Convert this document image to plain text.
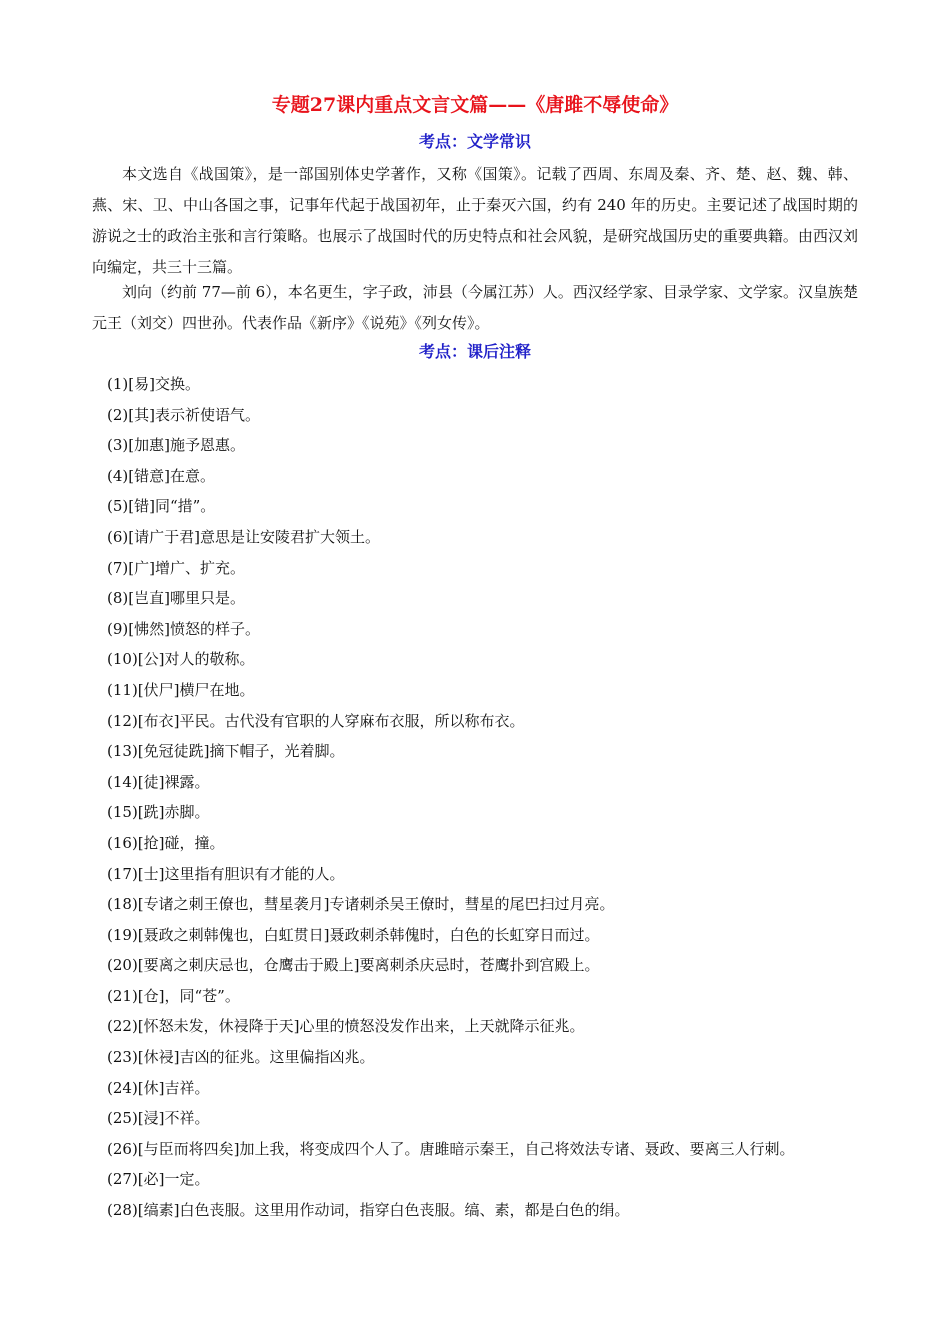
专题27课内重点文言文篇——《唐雎不辱使命》
考点：文学常识

本文选自《战国策》，是一部国别体史学著作，又称《国策》。记载了西周、东周及秦、齐、楚、赵、魏、韩、燕、宋、卫、中山各国之事，记事年代起于战国初年，止于秦灭六国，约有 240 年的历史。主要记述了战国时期的游说之士的政治主张和言行策略。也展示了战国时代的历史特点和社会风貌，是研究战国历史的重要典籍。由西汉刘向编定，共三十三篇。

刘向（约前 77—前 6），本名更生，字子政，沛县（今属江苏）人。西汉经学家、目录学家、文学家。汉皇族楚元王（刘交）四世孙。代表作品《新序》《说苑》《列女传》。

考点：课后注释
(1)[易]交换。
(2)[其]表示祈使语气。
(3)[加惠]施予恩惠。
(4)[错意]在意。
(5)[错]同“措”。
(6)[请广于君]意思是让安陵君扩大领土。
(7)[广]增广、扩充。
(8)[岂直]哪里只是。
(9)[怫然]愤怒的样子。
(10)[公]对人的敬称。
(11)[伏尸]横尸在地。
(12)[布衣]平民。古代没有官职的人穿麻布衣服，所以称布衣。
(13)[免冠徒跣]摘下帽子，光着脚。
(14)[徒]裸露。
(15)[跣]赤脚。
(16)[抢]碰，撞。
(17)[士]这里指有胆识有才能的人。
(18)[专诸之刺王僚也，彗星袭月]专诸刺杀吴王僚时，彗星的尾巴扫过月亮。
(19)[聂政之刺韩傀也，白虹贯日]聂政刺杀韩傀时，白色的长虹穿日而过。
(20)[要离之刺庆忌也，仓鹰击于殿上]要离刺杀庆忌时，苍鹰扑到宫殿上。
(21)[仓]，同“苍”。
(22)[怀怒未发，休祲降于天]心里的愤怒没发作出来，上天就降示征兆。
(23)[休祲]吉凶的征兆。这里偏指凶兆。
(24)[休]吉祥。
(25)[浸]不祥。
(26)[与臣而将四矣]加上我，将变成四个人了。唐雎暗示秦王，自己将效法专诸、聂政、要离三人行刺。
(27)[必]一定。
(28)[缟素]白色丧服。这里用作动词，指穿白色丧服。缟、素，都是白色的绢。
